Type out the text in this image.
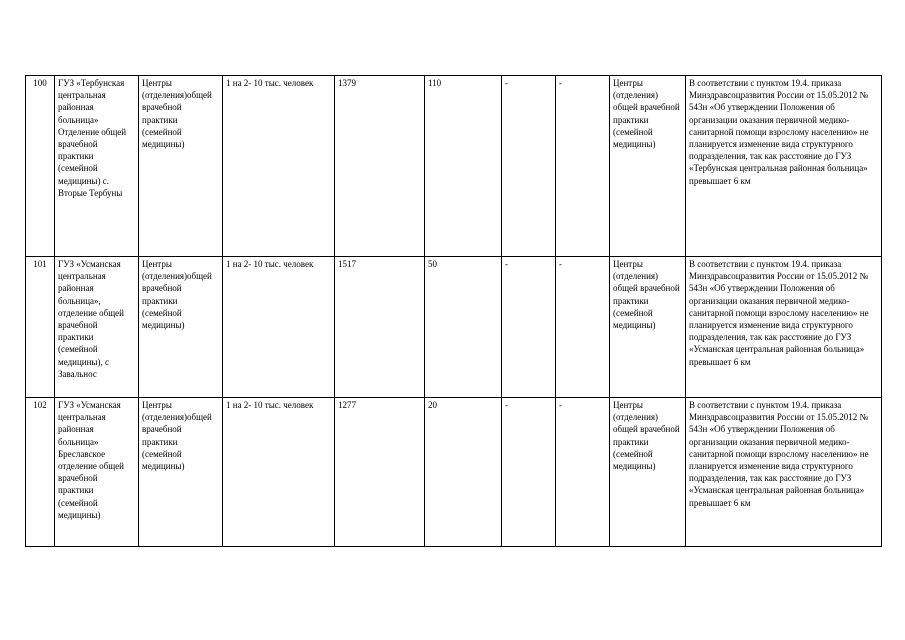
100	ГУЗ «Тербунская центральная районная больница» Отделение общей врачебной практики (семейной медицины) с. Вторые Тербуны	Центры (отделения)общей врачебной практики (семейной медицины)	1 на 2- 10 тыс. человек	1379	110	-	-	Центры (отделения) общей врачебной практики (семейной медицины)	В соответствии с пунктом 19.4. приказа Минздравсоцразвития России от 15.05.2012 № 543н «Об утверждении Положения об организации оказания первичной медико-санитарной помощи взрослому населению» не планируется изменение вида структурного подразделения, так как расстояние до ГУЗ «Тербунская центральная районная больница» превышает 6 км
101	ГУЗ «Усманская центральная районная больница», отделение общей врачебной практики (семейной медицины), с Завальнос	Центры (отделения)общей врачебной практики (семейной медицины)	1 на 2- 10 тыс. человек	1517	50	-	-	Центры (отделения) общей врачебной практики (семейной медицины)	В соответствии с пунктом 19.4. приказа Минздравсоцразвития России от 15.05.2012 № 543н «Об утверждении Положения об организации оказания первичной медико-санитарной помощи взрослому населению» не планируется изменение вида структурного подразделения, так как расстояние до ГУЗ «Усманская центральная районная больница» превышает 6 км
102	ГУЗ «Усманская центральная районная больница» Бреславское отделение общей врачебной практики (семейной медицины)	Центры (отделения)общей врачебной практики (семейной медицины)	1 на 2- 10 тыс. человек	1277	20	-	-	Центры (отделения) общей врачебной практики (семейной медицины)	В соответствии с пунктом 19.4. приказа Минздравсоцразвития России от 15.05.2012 № 543н «Об утверждении Положения об организации оказания первичной медико-санитарной помощи взрослому населению» не планируется изменение вида структурного подразделения, так как расстояние до ГУЗ «Усманская центральная районная больница» превышает 6 км
